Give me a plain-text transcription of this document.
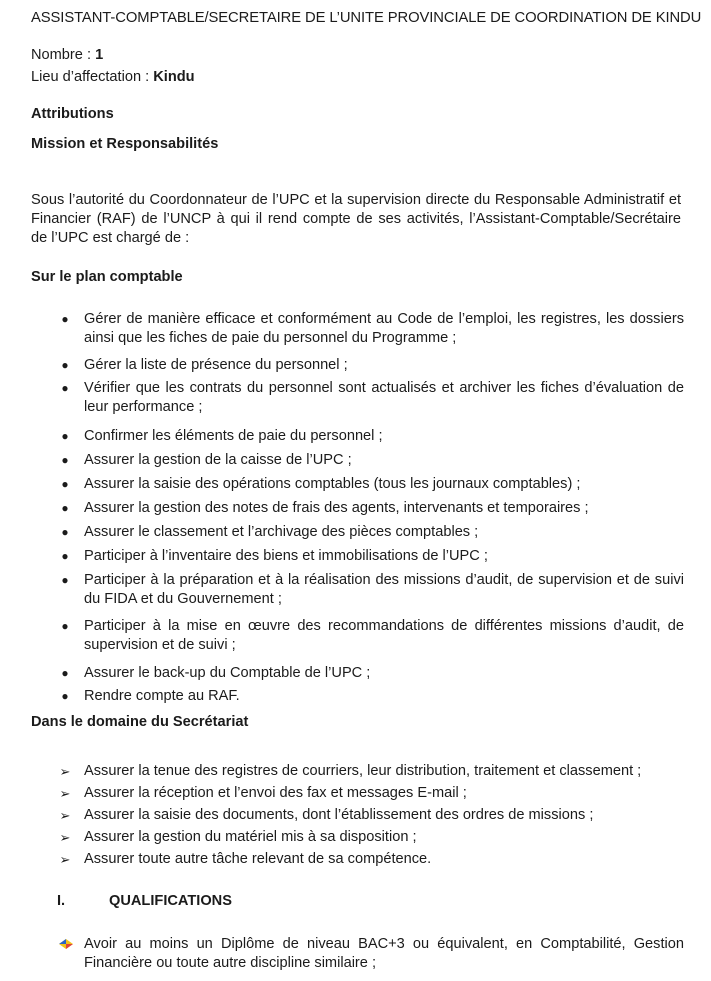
ASSISTANT-COMPTABLE/SECRETAIRE DE L’UNITE PROVINCIALE DE COORDINATION DE KINDU
Nombre : 1
Lieu d’affectation : Kindu
Attributions
Mission et Responsabilités
Sous l’autorité du Coordonnateur de l’UPC et la supervision directe du Responsable Administratif et Financier (RAF) de l’UNCP à qui il rend compte de ses activités, l’Assistant-Comptable/Secrétaire de l’UPC est chargé de :
Sur le plan comptable
● Gérer de manière efficace et conformément au Code de l’emploi, les registres, les dossiers ainsi que les fiches de paie du personnel du Programme ;
● Gérer la liste de présence du personnel ;
● Vérifier que les contrats du personnel sont actualisés et archiver les fiches d’évaluation de leur performance ;
● Confirmer les éléments de paie du personnel ;
● Assurer la gestion de la caisse de l’UPC ;
● Assurer la saisie des opérations comptables (tous les journaux comptables) ;
● Assurer la gestion des notes de frais des agents, intervenants et temporaires ;
● Assurer le classement et l’archivage des pièces comptables ;
● Participer à l’inventaire des biens et immobilisations de l’UPC ;
● Participer à la préparation et à la réalisation des missions d’audit, de supervision et de suivi du FIDA et du Gouvernement ;
● Participer à la mise en œuvre des recommandations de différentes missions d’audit, de supervision et de suivi ;
● Assurer le back-up du Comptable de l’UPC ;
● Rendre compte au RAF.
Dans le domaine du Secrétariat
➢ Assurer la tenue des registres de courriers, leur distribution, traitement et classement ;
➢ Assurer la réception et l’envoi des fax et messages E-mail ;
➢ Assurer la saisie des documents, dont l’établissement des ordres de missions ;
➢ Assurer la gestion du matériel mis à sa disposition ;
➢ Assurer toute autre tâche relevant de sa compétence.
I.	QUALIFICATIONS
Avoir au moins un Diplôme de niveau BAC+3 ou équivalent, en Comptabilité, Gestion Financière ou toute autre discipline similaire ;
